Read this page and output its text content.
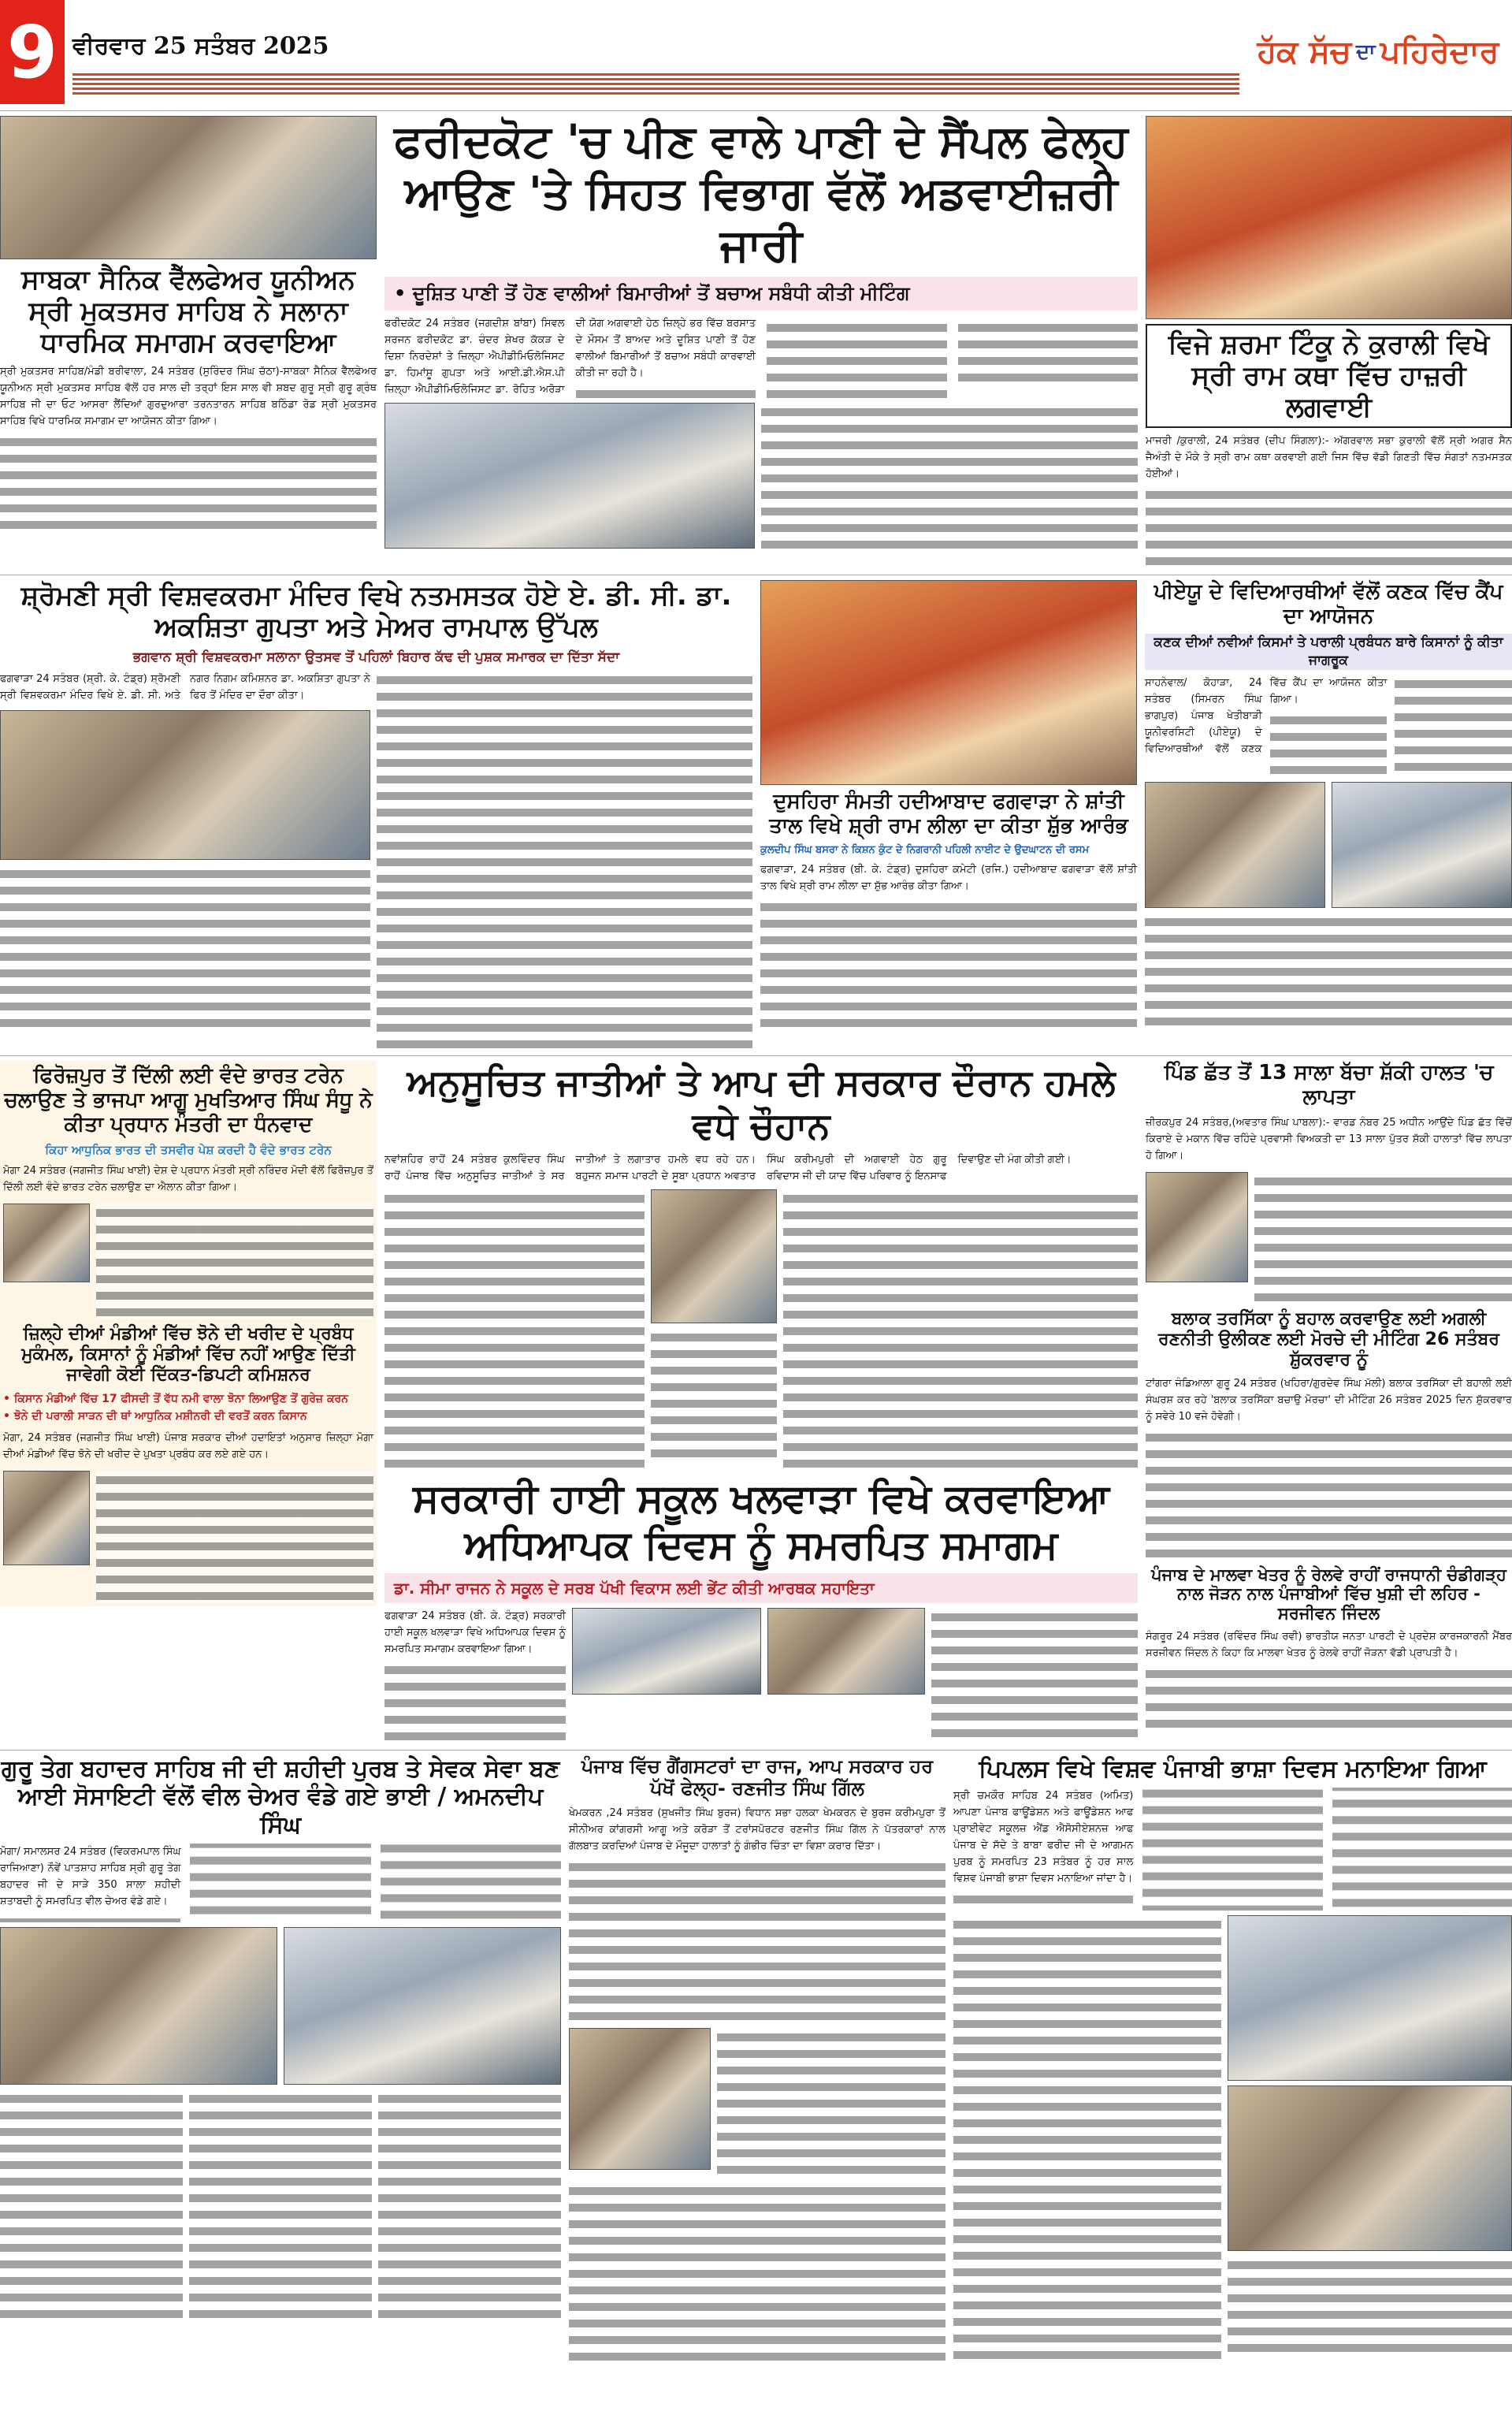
9 ਵੀਰਵਾਰ 25 ਸਤੰਬਰ 2025	ਹੱਕ ਸੱਚ ਦਾ ਪਹਿਰੇਦਾਰ
ਸਾਬਕਾ ਸੈਨਿਕ ਵੈੱਲਫੇਅਰ ਯੂਨੀਅਨ ਸ੍ਰੀ ਮੁਕਤਸਰ ਸਾਹਿਬ ਨੇ ਸਲਾਨਾ ਧਾਰਮਿਕ ਸਮਾਗਮ ਕਰਵਾਇਆ

ਸ੍ਰੀ ਮੁਕਤਸਰ ਸਾਹਿਬ/ਮੰਡੀ ਬਰੀਵਾਲਾ, 24 ਸਤੰਬਰ (ਸੁਰਿੰਦਰ ਸਿੰਘ ਚੱਠਾ)-ਸਾਬਕਾ ਸੈਨਿਕ ਵੈੱਲਫੇਅਰ ਯੂਨੀਅਨ ਸ੍ਰੀ ਮੁਕਤਸਰ ਸਾਹਿਬ ਵੱਲੋਂ ਹਰ ਸਾਲ ਦੀ ਤਰ੍ਹਾਂ ਇਸ ਸਾਲ ਵੀ ਸ਼ਬਦ ਗੁਰੂ ਸ੍ਰੀ ਗੁਰੂ ਗ੍ਰੰਥ ਸਾਹਿਬ ਜੀ ਦਾ ਓਟ ਆਸਰਾ ਲੈਂਦਿਆਂ ਗੁਰਦੁਆਰਾ ਤਰਨਤਾਰਨ ਸਾਹਿਬ ਬਠਿੰਡਾ ਰੋਡ ਸ੍ਰੀ ਮੁਕਤਸਰ ਸਾਹਿਬ ਵਿਖੇ ਧਾਰਮਿਕ ਸਮਾਗਮ ਦਾ ਆਯੋਜਨ ਕੀਤਾ ਗਿਆ।

ਫਰੀਦਕੋਟ 'ਚ ਪੀਣ ਵਾਲੇ ਪਾਣੀ ਦੇ ਸੈਂਪਲ ਫੇਲ੍ਹ ਆਉਣ 'ਤੇ ਸਿਹਤ ਵਿਭਾਗ ਵੱਲੋਂ ਅਡਵਾਈਜ਼ਰੀ ਜਾਰੀ
• ਦੂਸ਼ਿਤ ਪਾਣੀ ਤੋਂ ਹੋਣ ਵਾਲੀਆਂ ਬਿਮਾਰੀਆਂ ਤੋਂ ਬਚਾਅ ਸਬੰਧੀ ਕੀਤੀ ਮੀਟਿੰਗ

ਫਰੀਦਕੋਟ 24 ਸਤੰਬਰ (ਜਗਦੀਸ਼ ਬਾਂਬਾ) ਸਿਵਲ ਸਰਜਨ ਫਰੀਦਕੋਟ ਡਾ. ਚੰਦਰ ਸ਼ੇਖਰ ਕੱਕੜ ਦੇ ਦਿਸ਼ਾ ਨਿਰਦੇਸ਼ਾਂ ਤੇ ਜ਼ਿਲ੍ਹਾ ਐਪੀਡੀਮਿਓਲੋਜਿਸਟ ਡਾ. ਹਿਮਾਂਸ਼ੂ ਗੁਪਤਾ ਅਤੇ ਆਈ.ਡੀ.ਐਸ.ਪੀ ਜ਼ਿਲ੍ਹਾ ਐਪੀਡੀਮਿਓਲੋਜਿਸਟ ਡਾ. ਰੋਹਿਤ ਅਰੋੜਾ ਦੀ ਯੋਗ ਅਗਵਾਈ ਹੇਠ ਜ਼ਿਲ੍ਹੇ ਭਰ ਵਿੱਚ ਬਰਸਾਤ ਦੇ ਮੌਸਮ ਤੋਂ ਬਾਅਦ ਅਤੇ ਦੂਸ਼ਿਤ ਪਾਣੀ ਤੋਂ ਹੋਣ ਵਾਲੀਆਂ ਬਿਮਾਰੀਆਂ ਤੋਂ ਬਚਾਅ ਸਬੰਧੀ ਕਾਰਵਾਈ ਕੀਤੀ ਜਾ ਰਹੀ ਹੈ।

ਵਿਜੇ ਸ਼ਰਮਾ ਟਿੰਕੂ ਨੇ ਕੁਰਾਲੀ ਵਿਖੇ ਸ੍ਰੀ ਰਾਮ ਕਥਾ ਵਿੱਚ ਹਾਜ਼ਰੀ ਲਗਵਾਈ

ਮਾਜਰੀ /ਕੁਰਾਲੀ, 24 ਸਤੰਬਰ (ਦੀਪ ਸਿੰਗਲਾ):- ਅੱਗਰਵਾਲ ਸਭਾ ਕੁਰਾਲੀ ਵੱਲੋਂ ਸ੍ਰੀ ਅਗਰ ਸੈਨ ਜੈਅੰਤੀ ਦੇ ਮੌਕੇ ਤੇ ਸ੍ਰੀ ਰਾਮ ਕਥਾ ਕਰਵਾਈ ਗਈ ਜਿਸ ਵਿੱਚ ਵੱਡੀ ਗਿਣਤੀ ਵਿੱਚ ਸੰਗਤਾਂ ਨਤਮਸਤਕ ਹੋਈਆਂ।

ਸ਼੍ਰੋਮਣੀ ਸ੍ਰੀ ਵਿਸ਼ਵਕਰਮਾ ਮੰਦਿਰ ਵਿਖੇ ਨਤਮਸਤਕ ਹੋਏ ਏ. ਡੀ. ਸੀ. ਡਾ. ਅਕਸ਼ਿਤਾ ਗੁਪਤਾ ਅਤੇ ਮੇਅਰ ਰਾਮਪਾਲ ਉੱਪਲ
ਭਗਵਾਨ ਸ਼੍ਰੀ ਵਿਸ਼ਵਕਰਮਾ ਸਲਾਨਾ ਉਤਸਵ ਤੋਂ ਪਹਿਲਾਂ ਬਿਹਾਰ ਕੱਢ ਦੀ ਪੁਸ਼ਕ ਸਮਾਰਕ ਦਾ ਦਿੱਤਾ ਸੱਦਾ

ਫਗਵਾੜਾ 24 ਸਤੰਬਰ (ਸ਼੍ਰੀ. ਕੇ. ਟੰਡ੍ਰ) ਸ਼੍ਰੋਮਣੀ ਸ੍ਰੀ ਵਿਸ਼ਵਕਰਮਾ ਮੰਦਿਰ ਵਿਖੇ ਏ. ਡੀ. ਸੀ. ਅਤੇ ਨਗਰ ਨਿਗਮ ਕਮਿਸ਼ਨਰ ਡਾ. ਅਕਸ਼ਿਤਾ ਗੁਪਤਾ ਨੇ ਫਿਰ ਤੋਂ ਮੰਦਿਰ ਦਾ ਦੌਰਾ ਕੀਤਾ।

ਦੁਸਹਿਰਾ ਸੰਮਤੀ ਹਦੀਆਬਾਦ ਫਗਵਾੜਾ ਨੇ ਸ਼ਾਂਤੀ ਤਾਲ ਵਿਖੇ ਸ਼੍ਰੀ ਰਾਮ ਲੀਲਾ ਦਾ ਕੀਤਾ ਸ਼ੁੱਭ ਆਰੰਭ
ਕੁਲਦੀਪ ਸਿੰਘ ਬਸਰਾ ਨੇ ਕਿਸ਼ਨ ਕੁੰਟ ਦੇ ਨਿਗਰਾਨੀ ਪਹਿਲੀ ਨਾਈਟ ਦੇ ਉਦਘਾਟਨ ਦੀ ਰਸਮ

ਫਗਵਾੜਾ, 24 ਸਤੰਬਰ (ਬੀ. ਕੇ. ਟੰਡ੍ਰ) ਦੁਸਹਿਰਾ ਕਮੇਟੀ (ਰਜਿ.) ਹਦੀਆਬਾਦ ਫਗਵਾੜਾ ਵੱਲੋਂ ਸ਼ਾਂਤੀ ਤਾਲ ਵਿਖੇ ਸ਼੍ਰੀ ਰਾਮ ਲੀਲਾ ਦਾ ਸ਼ੁੱਭ ਆਰੰਭ ਕੀਤਾ ਗਿਆ।

ਪੀਏਯੂ ਦੇ ਵਿਦਿਆਰਥੀਆਂ ਵੱਲੋਂ ਕਣਕ ਵਿੱਚ ਕੈਂਪ ਦਾ ਆਯੋਜਨ
ਕਣਕ ਦੀਆਂ ਨਵੀਆਂ ਕਿਸਮਾਂ ਤੇ ਪਰਾਲੀ ਪ੍ਰਬੰਧਨ ਬਾਰੇ ਕਿਸਾਨਾਂ ਨੂੰ ਕੀਤਾ ਜਾਗਰੂਕ

ਸਾਹਨੇਵਾਲ/ ਕੋਹਾੜਾ, 24 ਸਤੰਬਰ (ਸਿਮਰਨ ਸਿੰਘ ਭਾਗਪੁਰ) ਪੰਜਾਬ ਖੇਤੀਬਾੜੀ ਯੂਨੀਵਰਸਿਟੀ (ਪੀਏਯੂ) ਦੇ ਵਿਦਿਆਰਥੀਆਂ ਵੱਲੋਂ ਕਣਕ ਵਿੱਚ ਕੈਂਪ ਦਾ ਆਯੋਜਨ ਕੀਤਾ ਗਿਆ।

ਫਿਰੋਜ਼ਪੁਰ ਤੋਂ ਦਿੱਲੀ ਲਈ ਵੰਦੇ ਭਾਰਤ ਟਰੇਨ ਚਲਾਉਣ ਤੇ ਭਾਜਪਾ ਆਗੂ ਮੁਖਤਿਆਰ ਸਿੰਘ ਸੰਧੂ ਨੇ ਕੀਤਾ ਪ੍ਰਧਾਨ ਮੰਤਰੀ ਦਾ ਧੰਨਵਾਦ
ਕਿਹਾ ਆਧੁਨਿਕ ਭਾਰਤ ਦੀ ਤਸਵੀਰ ਪੇਸ਼ ਕਰਦੀ ਹੈ ਵੰਦੇ ਭਾਰਤ ਟਰੇਨ

ਮੋਗਾ 24 ਸਤੰਬਰ (ਜਗਜੀਤ ਸਿੰਘ ਖਾਈ) ਦੇਸ਼ ਦੇ ਪ੍ਰਧਾਨ ਮੰਤਰੀ ਸ੍ਰੀ ਨਰਿੰਦਰ ਮੋਦੀ ਵੱਲੋਂ ਫਿਰੋਜ਼ਪੁਰ ਤੋਂ ਦਿੱਲੀ ਲਈ ਵੰਦੇ ਭਾਰਤ ਟਰੇਨ ਚਲਾਉਣ ਦਾ ਐਲਾਨ ਕੀਤਾ ਗਿਆ।

ਜ਼ਿਲ੍ਹੇ ਦੀਆਂ ਮੰਡੀਆਂ ਵਿੱਚ ਝੋਨੇ ਦੀ ਖਰੀਦ ਦੇ ਪ੍ਰਬੰਧ ਮੁਕੰਮਲ, ਕਿਸਾਨਾਂ ਨੂੰ ਮੰਡੀਆਂ ਵਿੱਚ ਨਹੀਂ ਆਉਣ ਦਿੱਤੀ ਜਾਵੇਗੀ ਕੋਈ ਦਿੱਕਤ-ਡਿਪਟੀ ਕਮਿਸ਼ਨਰ
• ਕਿਸਾਨ ਮੰਡੀਆਂ ਵਿੱਚ 17 ਫੀਸਦੀ ਤੋਂ ਵੱਧ ਨਮੀ ਵਾਲਾ ਝੋਨਾ ਲਿਆਉਣ ਤੋਂ ਗੁਰੇਜ਼ ਕਰਨ
• ਝੋਨੇ ਦੀ ਪਰਾਲੀ ਸਾੜਨ ਦੀ ਥਾਂ ਆਧੁਨਿਕ ਮਸ਼ੀਨਰੀ ਦੀ ਵਰਤੋਂ ਕਰਨ ਕਿਸਾਨ

ਮੋਗਾ, 24 ਸਤੰਬਰ (ਜਗਜੀਤ ਸਿੰਘ ਖਾਈ) ਪੰਜਾਬ ਸਰਕਾਰ ਦੀਆਂ ਹਦਾਇਤਾਂ ਅਨੁਸਾਰ ਜ਼ਿਲ੍ਹਾ ਮੋਗਾ ਦੀਆਂ ਮੰਡੀਆਂ ਵਿੱਚ ਝੋਨੇ ਦੀ ਖਰੀਦ ਦੇ ਪੁਖਤਾ ਪ੍ਰਬੰਧ ਕਰ ਲਏ ਗਏ ਹਨ।

ਅਨੁਸੂਚਿਤ ਜਾਤੀਆਂ ਤੇ ਆਪ ਦੀ ਸਰਕਾਰ ਦੌਰਾਨ ਹਮਲੇ ਵਧੇ ਚੌਹਾਨ

ਨਵਾਂਸ਼ਹਿਰ ਰਾਹੋਂ 24 ਸਤੰਬਰ ਕੁਲਵਿੰਦਰ ਸਿੰਘ ਰਾਹੋਂ ਪੰਜਾਬ ਵਿੱਚ ਅਨੁਸੂਚਿਤ ਜਾਤੀਆਂ ਤੇ ਸਰ ਜਾਤੀਆਂ ਤੇ ਲਗਾਤਾਰ ਹਮਲੇ ਵਧ ਰਹੇ ਹਨ। ਬਹੁਜਨ ਸਮਾਜ ਪਾਰਟੀ ਦੇ ਸੂਬਾ ਪ੍ਰਧਾਨ ਅਵਤਾਰ ਸਿੰਘ ਕਰੀਮਪੁਰੀ ਦੀ ਅਗਵਾਈ ਹੇਠ ਗੁਰੂ ਰਵਿਦਾਸ ਜੀ ਦੀ ਯਾਦ ਵਿੱਚ ਪਰਿਵਾਰ ਨੂੰ ਇਨਸਾਫ ਦਿਵਾਉਣ ਦੀ ਮੰਗ ਕੀਤੀ ਗਈ।

ਸਰਕਾਰੀ ਹਾਈ ਸਕੂਲ ਖਲਵਾੜਾ ਵਿਖੇ ਕਰਵਾਇਆ ਅਧਿਆਪਕ ਦਿਵਸ ਨੂੰ ਸਮਰਪਿਤ ਸਮਾਗਮ
ਡਾ. ਸੀਮਾ ਰਾਜਨ ਨੇ ਸਕੂਲ ਦੇ ਸਰਬ ਪੱਖੀ ਵਿਕਾਸ ਲਈ ਭੇਂਟ ਕੀਤੀ ਆਰਥਕ ਸਹਾਇਤਾ

ਫਗਵਾੜਾ 24 ਸਤੰਬਰ (ਬੀ. ਕੇ. ਟੰਡ੍ਰ) ਸਰਕਾਰੀ ਹਾਈ ਸਕੂਲ ਖਲਵਾੜਾ ਵਿਖੇ ਅਧਿਆਪਕ ਦਿਵਸ ਨੂੰ ਸਮਰਪਿਤ ਸਮਾਗਮ ਕਰਵਾਇਆ ਗਿਆ।

ਪਿੰਡ ਛੱਤ ਤੋਂ 13 ਸਾਲਾ ਬੱਚਾ ਸ਼ੱਕੀ ਹਾਲਤ 'ਚ ਲਾਪਤਾ

ਜ਼ੀਰਕਪੁਰ 24 ਸਤੰਬਰ,(ਅਵਤਾਰ ਸਿੰਘ ਪਾਬਲਾ):- ਵਾਰਡ ਨੰਬਰ 25 ਅਧੀਨ ਆਉਂਦੇ ਪਿੰਡ ਛੱਤ ਵਿੱਚੋਂ ਕਿਰਾਏ ਦੇ ਮਕਾਨ ਵਿੱਚ ਰਹਿੰਦੇ ਪ੍ਰਵਾਸੀ ਵਿਅਕਤੀ ਦਾ 13 ਸਾਲਾ ਪੁੱਤਰ ਸ਼ੱਕੀ ਹਾਲਾਤਾਂ ਵਿੱਚ ਲਾਪਤਾ ਹੋ ਗਿਆ।

ਬਲਾਕ ਤਰਸਿੱਕਾ ਨੂੰ ਬਹਾਲ ਕਰਵਾਉਣ ਲਈ ਅਗਲੀ ਰਣਨੀਤੀ ਉਲੀਕਣ ਲਈ ਮੋਰਚੇ ਦੀ ਮੀਟਿੰਗ 26 ਸਤੰਬਰ ਸ਼ੁੱਕਰਵਾਰ ਨੂੰ

ਟਾਂਗਰਾ ਜੰਡਿਆਲਾ ਗੁਰੂ 24 ਸਤੰਬਰ (ਖਹਿਰਾ/ਗੁਰਦੇਵ ਸਿੰਘ ਮੱਲੀ) ਬਲਾਕ ਤਰਸਿੱਕਾ ਦੀ ਬਹਾਲੀ ਲਈ ਸੰਘਰਸ਼ ਕਰ ਰਹੇ 'ਬਲਾਕ ਤਰਸਿੱਕਾ ਬਚਾਉ ਮੋਰਚਾ' ਦੀ ਮੀਟਿੰਗ 26 ਸਤੰਬਰ 2025 ਦਿਨ ਸ਼ੁੱਕਰਵਾਰ ਨੂੰ ਸਵੇਰੇ 10 ਵਜੇ ਹੋਵੇਗੀ।

ਪੰਜਾਬ ਦੇ ਮਾਲਵਾ ਖੇਤਰ ਨੂੰ ਰੇਲਵੇ ਰਾਹੀਂ ਰਾਜਧਾਨੀ ਚੰਡੀਗੜ੍ਹ ਨਾਲ ਜੋੜਨ ਨਾਲ ਪੰਜਾਬੀਆਂ ਵਿੱਚ ਖੁਸ਼ੀ ਦੀ ਲਹਿਰ - ਸਰਜੀਵਨ ਜਿੰਦਲ

ਸੰਗਰੂਰ 24 ਸਤੰਬਰ (ਰਵਿੰਦਰ ਸਿੰਘ ਰਵੀ) ਭਾਰਤੀਯ ਜਨਤਾ ਪਾਰਟੀ ਦੇ ਪ੍ਰਦੇਸ਼ ਕਾਰਜਕਾਰਨੀ ਮੈਂਬਰ ਸਰਜੀਵਨ ਜਿੰਦਲ ਨੇ ਕਿਹਾ ਕਿ ਮਾਲਵਾ ਖੇਤਰ ਨੂੰ ਰੇਲਵੇ ਰਾਹੀਂ ਜੋੜਨਾ ਵੱਡੀ ਪ੍ਰਾਪਤੀ ਹੈ।

ਗੁਰੂ ਤੇਗ ਬਹਾਦਰ ਸਾਹਿਬ ਜੀ ਦੀ ਸ਼ਹੀਦੀ ਪੁਰਬ ਤੇ ਸੇਵਕ ਸੇਵਾ ਬਣ ਆਈ ਸੋਸਾਇਟੀ ਵੱਲੋਂ ਵੀਲ ਚੇਅਰ ਵੰਡੇ ਗਏ ਭਾਈ / ਅਮਨਦੀਪ ਸਿੰਘ

ਮੋਗਾ/ ਸਮਾਲਸਰ 24 ਸਤੰਬਰ (ਵਿਕਰਮਪਾਲ ਸਿੰਘ ਰਾਜਿਆਣਾ) ਨੌਵੇਂ ਪਾਤਸ਼ਾਹ ਸਾਹਿਬ ਸ੍ਰੀ ਗੁਰੂ ਤੇਗ ਬਹਾਦਰ ਜੀ ਦੇ ਸਾੜੇ 350 ਸਾਲਾ ਸ਼ਹੀਦੀ ਸ਼ਤਾਬਦੀ ਨੂੰ ਸਮਰਪਿਤ ਵੀਲ ਚੇਅਰ ਵੰਡੇ ਗਏ।

ਪੰਜਾਬ ਵਿੱਚ ਗੈਂਗਸਟਰਾਂ ਦਾ ਰਾਜ, ਆਪ ਸਰਕਾਰ ਹਰ ਪੱਖੋਂ ਫੇਲ੍ਹ- ਰਣਜੀਤ ਸਿੰਘ ਗਿੱਲ

ਖੇਮਕਰਨ ,24 ਸਤੰਬਰ (ਸੁਖਜੀਤ ਸਿੰਘ ਬੁਰਜ) ਵਿਧਾਨ ਸਭਾ ਹਲਕਾ ਖੇਮਕਰਨ ਦੇ ਬੁਰਜ ਕਰੀਮਪੁਰਾ ਤੋਂ ਸੀਨੀਅਰ ਕਾਂਗਰਸੀ ਆਗੂ ਅਤੇ ਕਰੋੜਾ ਤੋਂ ਟਰਾਂਸਪੋਰਟਰ ਰਣਜੀਤ ਸਿੰਘ ਗਿੱਲ ਨੇ ਪੱਤਰਕਾਰਾਂ ਨਾਲ ਗੱਲਬਾਤ ਕਰਦਿਆਂ ਪੰਜਾਬ ਦੇ ਮੌਜੂਦਾ ਹਾਲਾਤਾਂ ਨੂੰ ਗੰਭੀਰ ਚਿੰਤਾ ਦਾ ਵਿਸ਼ਾ ਕਰਾਰ ਦਿੱਤਾ।

ਪਿਪਲਸ ਵਿਖੇ ਵਿਸ਼ਵ ਪੰਜਾਬੀ ਭਾਸ਼ਾ ਦਿਵਸ ਮਨਾਇਆ ਗਿਆ

ਸ੍ਰੀ ਚਮਕੌਰ ਸਾਹਿਬ 24 ਸਤੰਬਰ (ਅਮਿਤ) ਆਪਣਾ ਪੰਜਾਬ ਫਾਊਂਡੇਸ਼ਨ ਅਤੇ ਫਾਊਂਡੇਸ਼ਨ ਆਫ ਪ੍ਰਾਈਵੇਟ ਸਕੂਲਜ਼ ਐਂਡ ਐਸੋਸੀਏਸ਼ਨਜ਼ ਆਫ ਪੰਜਾਬ ਦੇ ਸੱਦੇ ਤੇ ਬਾਬਾ ਫਰੀਦ ਜੀ ਦੇ ਆਗਮਨ ਪੁਰਬ ਨੂੰ ਸਮਰਪਿਤ 23 ਸਤੰਬਰ ਨੂੰ ਹਰ ਸਾਲ ਵਿਸ਼ਵ ਪੰਜਾਬੀ ਭਾਸ਼ਾ ਦਿਵਸ ਮਨਾਇਆ ਜਾਂਦਾ ਹੈ।
